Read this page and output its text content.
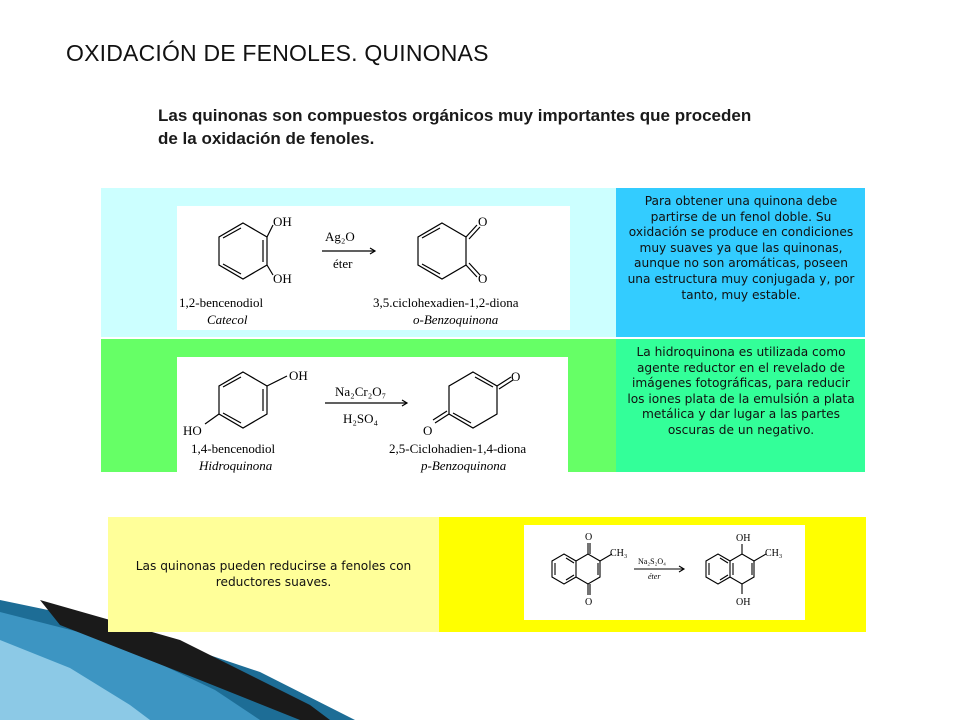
OXIDACIÓN DE FENOLES. QUINONAS
Las quinonas son compuestos orgánicos muy importantes que proceden de la oxidación de fenoles.
OH
OH
Ag₂O
éter
O
O
1,2-bencenodiol
Catecol
3,5.ciclohexadien-1,2-diona
o-Benzoquinona
Para obtener una quinona debe partirse de un fenol doble. Su oxidación se produce en condiciones muy suaves ya que las quinonas, aunque no son aromáticas, poseen una estructura muy conjugada y, por tanto, muy estable.
OH
HO
Na₂Cr₂O₇
H₂SO₄
O
O
1,4-bencenodiol
Hidroquinona
2,5-Ciclohadien-1,4-diona
p-Benzoquinona
La hidroquinona es utilizada como agente reductor en el revelado de imágenes fotográficas, para reducir los iones plata de la emulsión a plata metálica y dar lugar a las partes oscuras de un negativo.
Las quinonas pueden reducirse a fenoles con reductores suaves.
O
O
CH₃
Na₂S₂O₄
éter
OH
OH
CH₃
